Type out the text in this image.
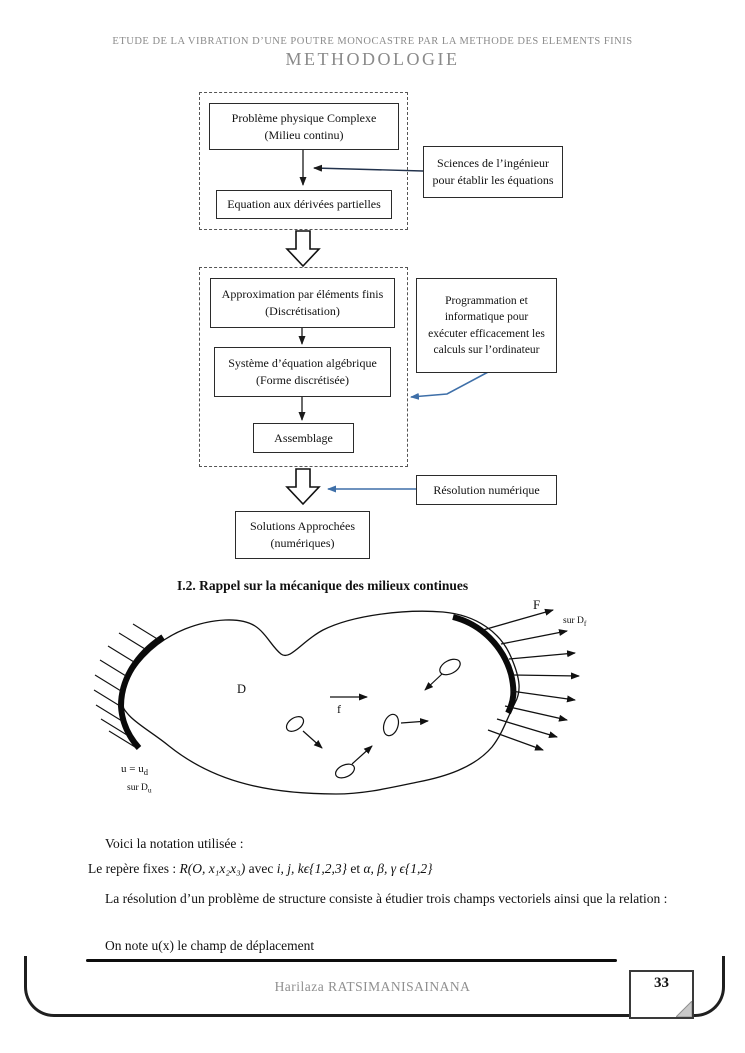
ETUDE DE LA VIBRATION D’UNE POUTRE MONOCASTRE PAR LA METHODE DES ELEMENTS FINIS
METHODOLOGIE
Problème physique Complexe
(Milieu continu)
Equation aux dérivées partielles
Sciences de l’ingénieur
pour établir les équations
Approximation par éléments finis
(Discrétisation)
Système d’équation algébrique
(Forme discrétisée)
Assemblage
Programmation et
informatique pour
exécuter efficacement les
calculs sur l’ordinateur
Résolution numérique
Solutions Approchées
(numériques)
I.2. Rappel sur la mécanique des milieux continues
D
f
F
sur $D_f$
$u = u_d$
sur $D_u$
Voici la notation utilisée :
Le repère fixes : R(O, x₁x₂x₃) avec i, j, kϵ{1,2,3} et α, β, γ ϵ{1,2}
La résolution d’un problème de structure consiste à étudier trois champs vectoriels ainsi que la relation :
On note u(x) le champ de déplacement
Harilaza RATSIMANISAINANA	33
